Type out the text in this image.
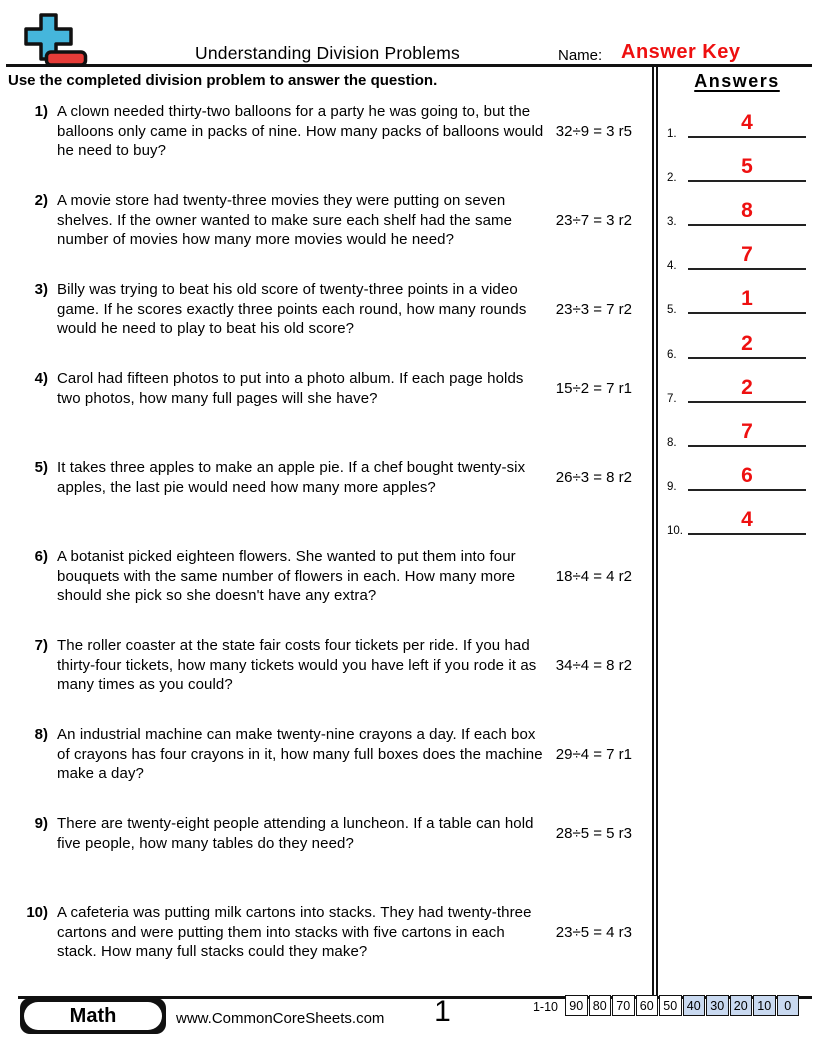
Understanding Division Problems	Name: Answer Key
Use the completed division problem to answer the question.
1) A clown needed thirty-two balloons for a party he was going to, but the balloons only came in packs of nine. How many packs of balloons would he need to buy?
32÷9 = 3 r5
2) A movie store had twenty-three movies they were putting on seven shelves. If the owner wanted to make sure each shelf had the same number of movies how many more movies would he need?
23÷7 = 3 r2
3) Billy was trying to beat his old score of twenty-three points in a video game. If he scores exactly three points each round, how many rounds would he need to play to beat his old score?
23÷3 = 7 r2
4) Carol had fifteen photos to put into a photo album. If each page holds two photos, how many full pages will she have?
15÷2 = 7 r1
5) It takes three apples to make an apple pie. If a chef bought twenty-six apples, the last pie would need how many more apples?
26÷3 = 8 r2
6) A botanist picked eighteen flowers. She wanted to put them into four bouquets with the same number of flowers in each. How many more should she pick so she doesn't have any extra?
18÷4 = 4 r2
7) The roller coaster at the state fair costs four tickets per ride. If you had thirty-four tickets, how many tickets would you have left if you rode it as many times as you could?
34÷4 = 8 r2
8) An industrial machine can make twenty-nine crayons a day. If each box of crayons has four crayons in it, how many full boxes does the machine make a day?
29÷4 = 7 r1
9) There are twenty-eight people attending a luncheon. If a table can hold five people, how many tables do they need?
28÷5 = 5 r3
10) A cafeteria was putting milk cartons into stacks. They had twenty-three cartons and were putting them into stacks with five cartons in each stack. How many full stacks could they make?
23÷5 = 4 r3
Answers
1.	4
2.	5
3.	8
4.	7
5.	1
6.	2
7.	2
8.	7
9.	6
10.	4
Math	www.CommonCoreSheets.com	1	1-10 90 80 70 60 50 40 30 20 10	0
